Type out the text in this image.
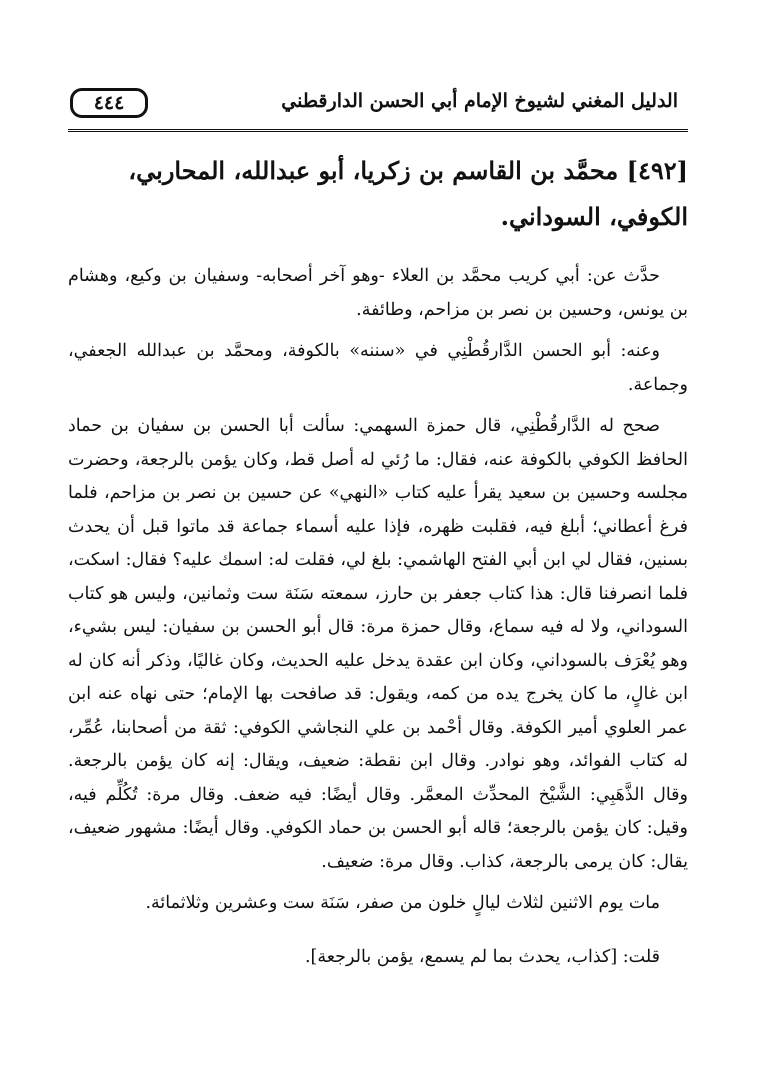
الدليل المغني لشيوخ الإمام أبي الحسن الدارقطني
٤٤٤
[٤٩٢] محمَّد بن القاسم بن زكريا، أبو عبدالله، المحاربي،
الكوفي، السوداني.

حدَّث عن: أبي كريب محمَّد بن العلاء -وهو آخر أصحابه- وسفيان بن وكيع، وهشام بن يونس، وحسين بن نصر بن مزاحم، وطائفة.

وعنه: أبو الحسن الدَّارقُطْنِي في «سننه» بالكوفة، ومحمَّد بن عبدالله الجعفي، وجماعة.

صحح له الدَّارقُطْنِي، قال حمزة السهمي: سألت أبا الحسن بن سفيان بن حماد الحافظ الكوفي بالكوفة عنه، فقال: ما رُئي له أصل قط، وكان يؤمن بالرجعة، وحضرت مجلسه وحسين بن سعيد يقرأ عليه كتاب «النهي» عن حسين بن نصر بن مزاحم، فلما فرغ أعطاني؛ أبلغ فيه، فقلبت ظهره، فإذا عليه أسماء جماعة قد ماتوا قبل أن يحدث بسنين، فقال لي ابن أبي الفتح الهاشمي: بلغ لي، فقلت له: اسمك عليه؟ فقال: اسكت، فلما انصرفنا قال: هذا كتاب جعفر بن حارز، سمعته سَنَة ست وثمانين، وليس هو كتاب السوداني، ولا له فيه سماع، وقال حمزة مرة: قال أبو الحسن بن سفيان: ليس بشيء، وهو يُعْرَف بالسوداني، وكان ابن عقدة يدخل عليه الحديث، وكان غاليًا، وذكر أنه كان له ابن غالٍ، ما كان يخرج يده من كمه، ويقول: قد صافحت بها الإمام؛ حتى نهاه عنه ابن عمر العلوي أمير الكوفة. وقال أحْمد بن علي النجاشي الكوفي: ثقة من أصحابنا، عُمِّر، له كتاب الفوائد، وهو نوادر. وقال ابن نقطة: ضعيف، ويقال: إنه كان يؤمن بالرجعة. وقال الذَّهَبِي: الشَّيْخ المحدِّث المعمَّر. وقال أيضًا: فيه ضعف. وقال مرة: تُكُلِّم فيه، وقيل: كان يؤمن بالرجعة؛ قاله أبو الحسن بن حماد الكوفي. وقال أيضًا: مشهور ضعيف، يقال: كان يرمى بالرجعة، كذاب. وقال مرة: ضعيف.

مات يوم الاثنين لثلاث ليالٍ خلون من صفر، سَنَة ست وعشرين وثلاثمائة.

قلت: [كذاب، يحدث بما لم يسمع، يؤمن بالرجعة].
